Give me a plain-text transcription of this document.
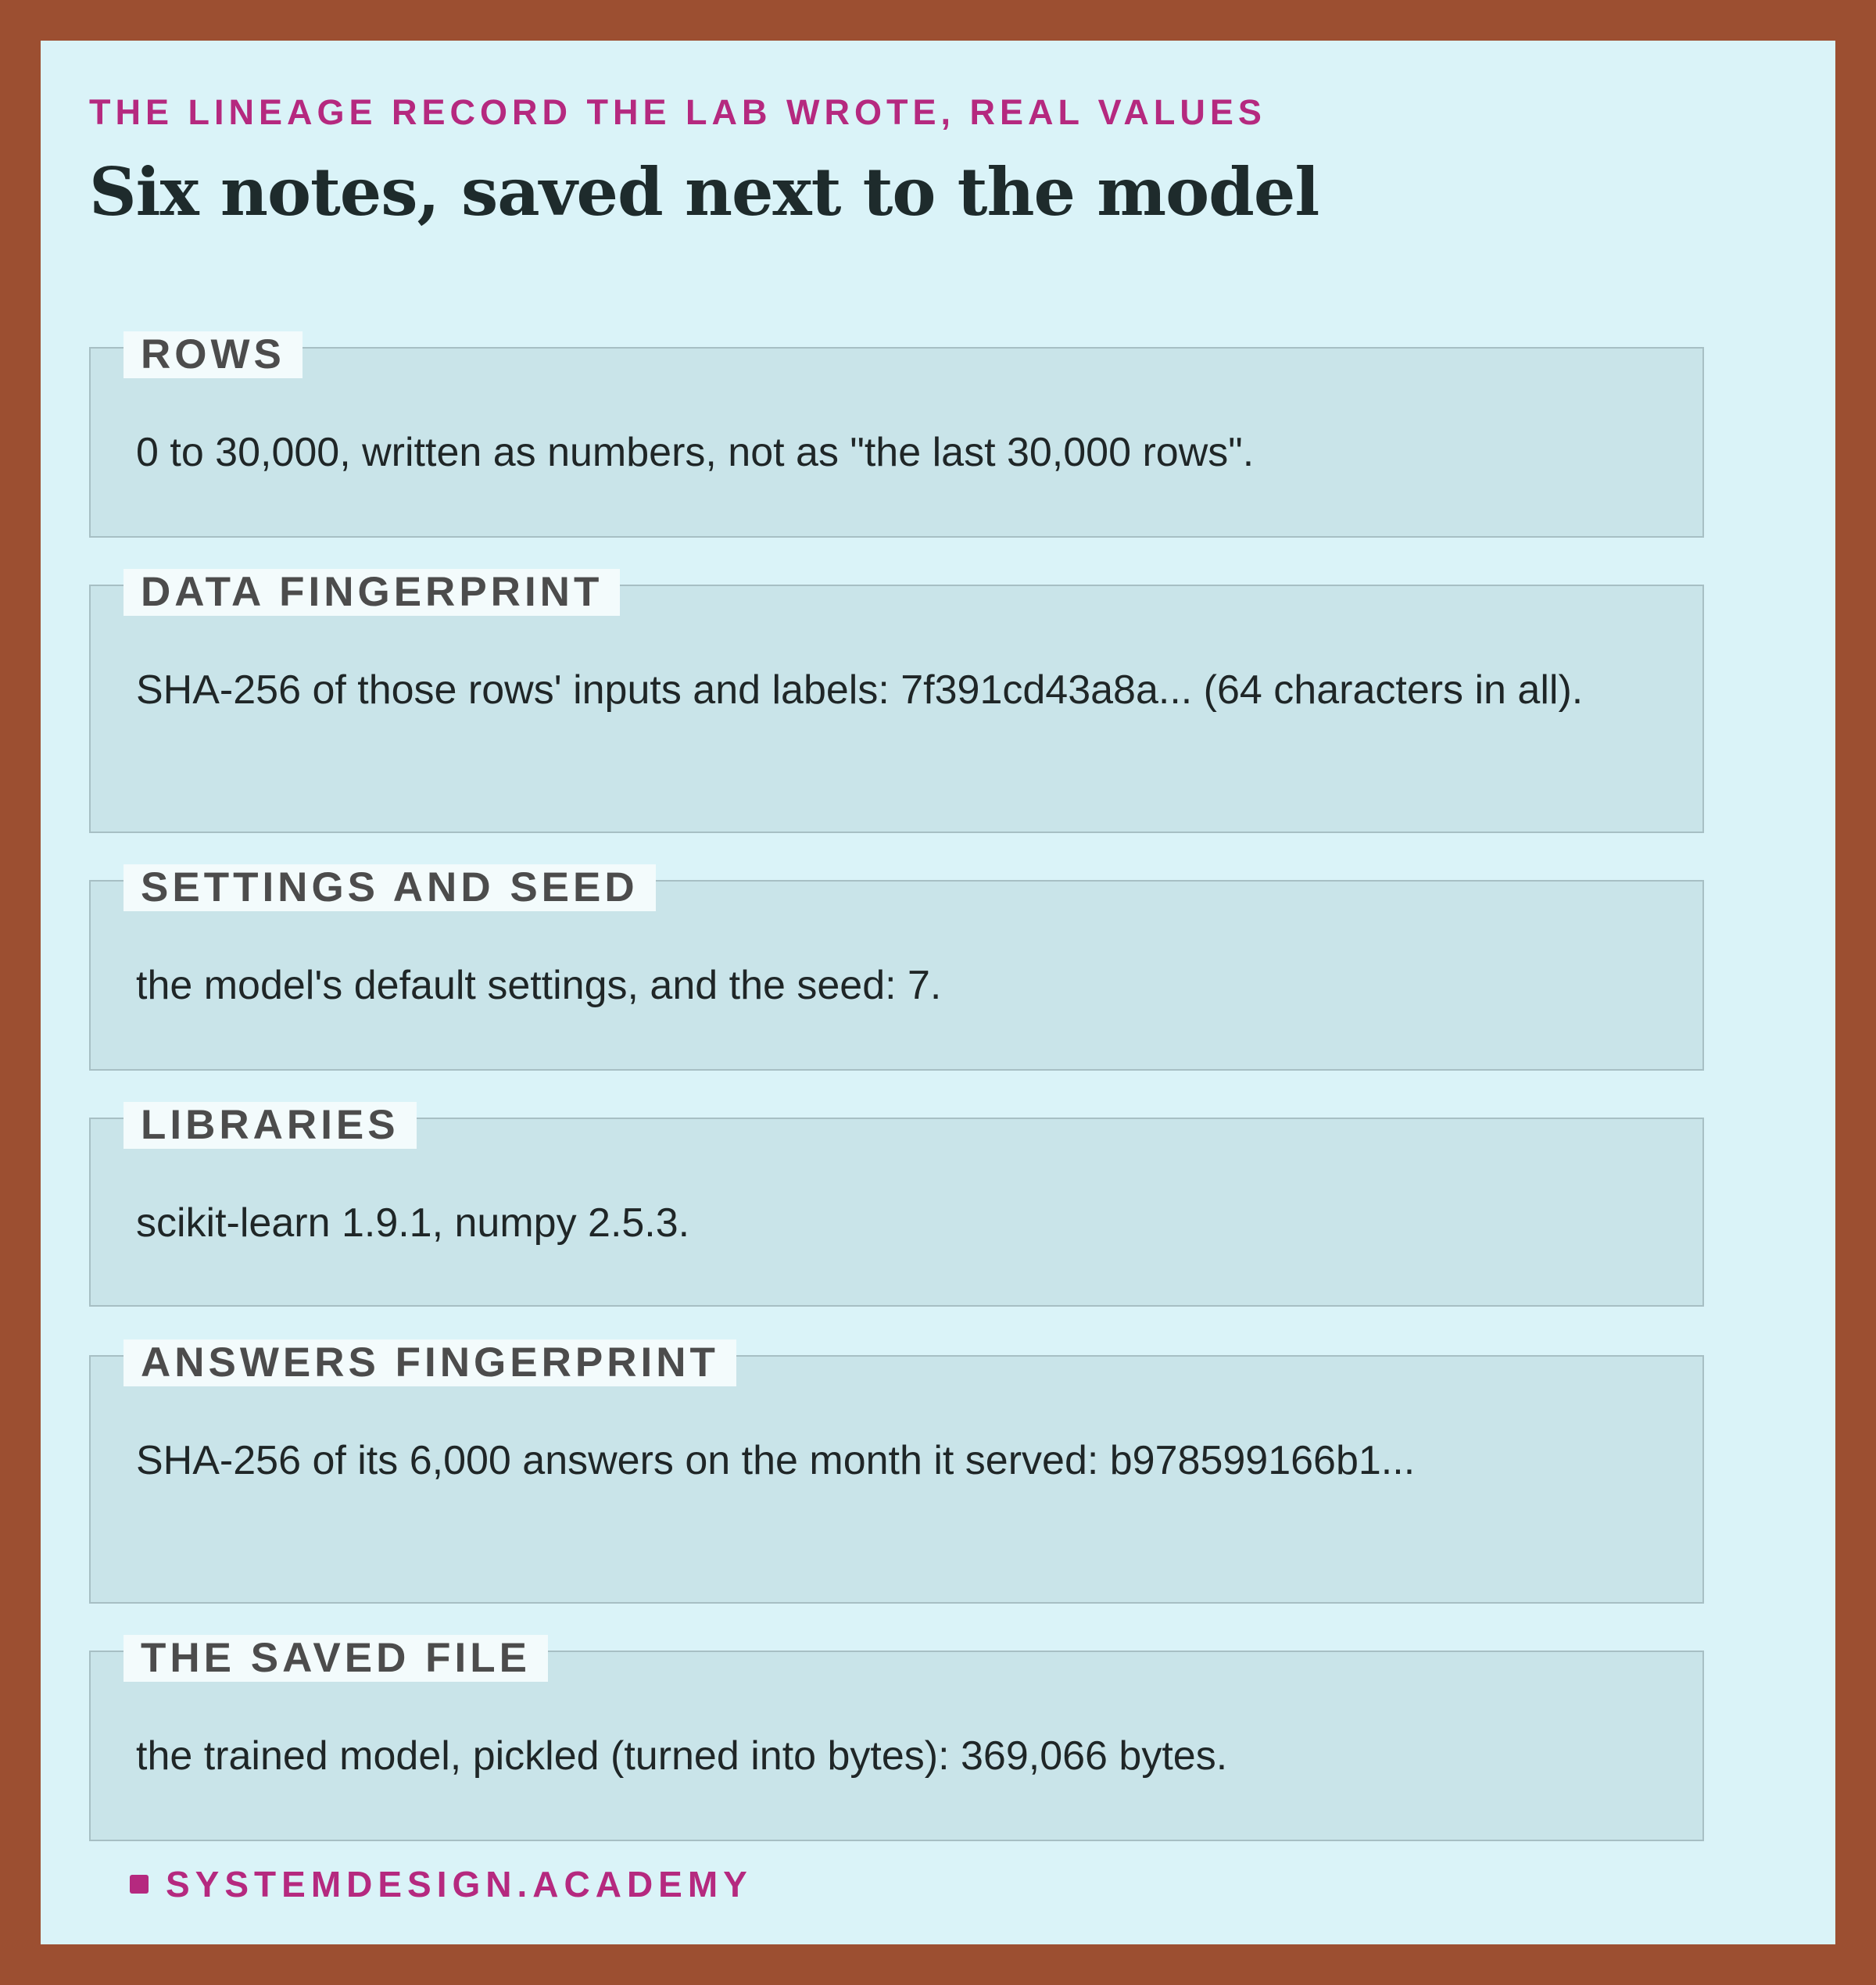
THE LINEAGE RECORD THE LAB WROTE, REAL VALUES
Six notes, saved next to the model
ROWS
0 to 30,000, written as numbers, not as "the last 30,000 rows".
DATA FINGERPRINT
SHA-256 of those rows' inputs and labels: 7f391cd43a8a... (64 characters in all).
SETTINGS AND SEED
the model's default settings, and the seed: 7.
LIBRARIES
scikit-learn 1.9.1, numpy 2.5.3.
ANSWERS FINGERPRINT
SHA-256 of its 6,000 answers on the month it served: b978599166b1...
THE SAVED FILE
the trained model, pickled (turned into bytes): 369,066 bytes.
SYSTEMDESIGN.ACADEMY
